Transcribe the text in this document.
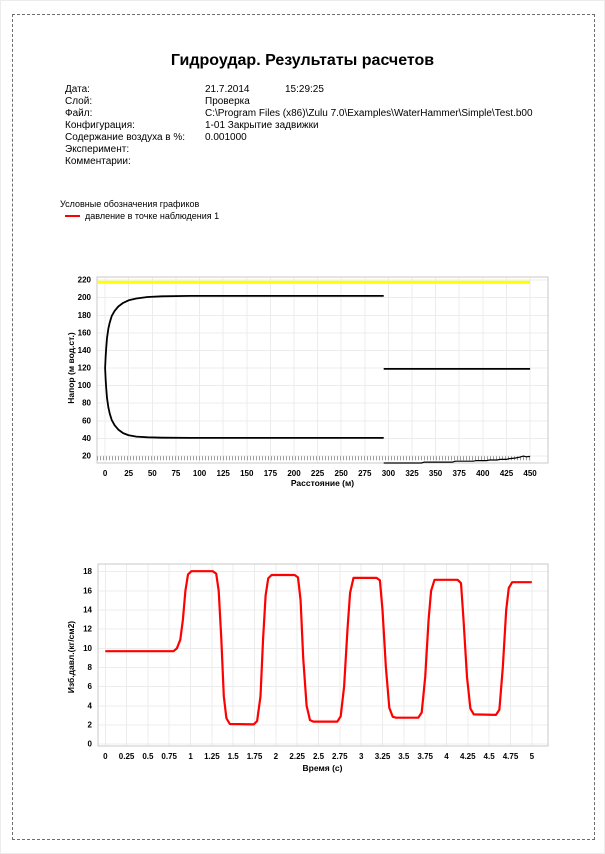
Гидроудар. Результаты расчетов
Дата:	21.7.2014	15:29:25
Слой:	Проверка
Файл:	C:\Program Files (x86)\Zulu 7.0\Examples\WaterHammer\Simple\Test.b00
Конфигурация:	1-01 Закрытие задвижки
Содержание воздуха в %: 0.001000
Эксперимент:
Комментарии:
Условные обозначения графиков
давление в точке наблюдения 1
0 25 50 75 100 125 150 175 200 225 250 275 300 325 350 375 400 425 450
20
40
60
80
100
120
140
160
180
200
220
Напор (м вод.ст.)
Расстояние (м)
0 0.25 0.5 0.75 1 1.25 1.5 1.75 2 2.25 2.5 2.75 3 3.25 3.5 3.75 4 4.25 4.5 4.75 5
0
2
4
6
8
10
12
14
16
18
Изб.давл.(кг/см2)
Время (с)
